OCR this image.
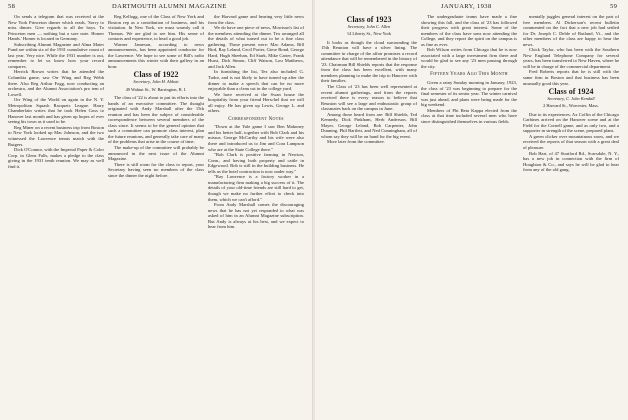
58	DARTMOUTH ALUMNI MAGAZINE

On sends a telegram that was received at the New York Princeton dinner which reads, 'Sorry to miss dinner. Give regards to all the boys. To Princeton men — nothing but a sore note. Homer Hands.' Homer is located in Germany.

Subscribing Alumni Magazine and Alma Mater Fund are within six of the 1931 cumulative count of last year. Very nice. While the 1931 number is out, remember to let us know how your record compares.

Herrick Brown writes that he attended the Columbia game, saw Orr Wing and Reg Webb there. Also Reg Arthur Fogg, now conducting an orchestra, and the Alumni Association's pro tem of Lowell.

Orr Wing of the World on again in the N. Y. Metropolitan Squash Racquets League. Harry Chamberlain writes that he took Helen Goss to Hanover last month and has given up hopes of ever seeing his town as it used to be.

Reg Miner on a recent business trip from Boston to New York looked up Mac Johnson, and the two witnessed the Lawrence tennis match with the Rutgers.

Dick O'Connor, with the Imperial Paper & Color Corp. in Glens Falls, makes a pledge to the class giving in the 1931 tenth reunion. We may as well find it.

Reg Kellogg, one of the Class of New York and Boston rep as a contribution of business, and his visitation. In New York, we must warmly call it Thomas. We are glad to see him. His sense of contacts and experience, to head a good job.

Warner Jameson, according to news announcements, has been appointed conductor for the Lawrence. We hope to see some of Bill's radio announcements this winter with their gallery in an hour.

Class of 1922
Secretary, John H. Abbott
49 Walnut St., W. Barrington, R. I.

The class of '22 is about to put its efforts into the hands of an executive committee. The thought originated with Andy Marshall after the 15th reunion and has been the subject of considerable correspondence between several members of the class since. It seems to be the general opinion that such a committee can promote class interest, plan the future reunions, and generally take care of many of the problems that arise in the course of time.

The make-up of the committee will probably be announced in the next issue of the Alumni Magazine.

There is still room for the class to report, your Secretary having seen no members of the class since the dinner the night before.

the Harvard game and hearing very little news from the class.

We do have one piece of news, Morrison's list of the members attending the dinner. Tex arranged all the details of what turned out to be a fine class gathering. Those present were: Mac Adams, Bill Bird, Ray Leland, Cecil Porter, Giese Bond, George Hard, Hugh Sheehan, Ed Stark, Mike Carter, Frank Hurst, Dick Simon, Cliff Watson, Lou Matthews, and Jack Allen.

In furnishing the list, Tex also included G. Tudor, and is not likely to have turned up after the dinner to make a speech that can be no more enjoyable than a clean cut in the college yard.

We have received at the Swan house the hospitality from your friend Herschel that we will all enjoy. He has given up Lewis, George L. and others.

Correspondent Notes

"Down at the Yale game I saw Ben Mahoney and his better half, together with Bob Clark and his missus. George McCarthy and his wife were also there and introduced us to Jim and Cora Lampson who are at the State College there."

"Bob Clark is positive farming in Newton, Conn., and having both property and cattle in Edgewood. Bob is still in the building business. He tells us the hotel contraction is now under way."

"Ray Lawrence is a factory worker in a manufacturing firm making a big success of it. The details of your old-time friends are still hard to get, though we make no further effort to check into them, which we can't afford."

From Andy Marshall comes the discouraging news that he has not yet responded to what was asked of him in an Alumni Magazine subscription. But Andy is always at his best, and we expect to hear from him.

JANUARY, 1938	59
Class of 1923
Secretary, John C. Allen
14 Liberty St., New York

It looks as though the cloud surrounding the 15th Reunion will have a silver lining. The committee in charge of the affair promises a record attendance that will be remembered in the history of '23. Chairman Bill Shields reports that the response from the class has been excellent, with many members planning to make the trip to Hanover with their families.

The Class of '23 has been well represented at recent alumni gatherings, and from the reports received there is every reason to believe that Reunion will see a large and enthusiastic group of classmates back on the campus in June.

Among those heard from are: Bill Shields, Ted Kennedy, Dick Pinkham, Herb Anderson, Bill Mayer, George Leland, Bob Carpenter, John Dunning, Phil Bartlett, and Ned Cunningham, all of whom say they will be on hand for the big event.

More later from the committee.

The undergraduate teams have made a fine showing this fall, and the class of '23 has followed their progress with great interest. Some of the members of the class have sons now attending the College, and they report the spirit on the campus is as fine as ever.

Bob Wilson writes from Chicago that he is now associated with a large investment firm there and would be glad to see any '23 men passing through the city.

Fifteen Years Ago This Month

Given a rainy Sunday morning in January, 1923, the class of '23 was beginning to prepare for the final semester of its senior year. The winter carnival was just ahead, and plans were being made for the big weekend.

Members of Phi Beta Kappa elected from the class at that time included several men who have since distinguished themselves in various fields.

mentally juggles general interest on the part of free members. Al Dickerson's recent bulletin commented on the fact that a new job had settled for Dr. Joseph C. Dehle of Rutland, Vt., and the other members of the class are happy to hear the news.

Chick Taylor, who has been with the Southern New England Telephone Company for several years, has been transferred to New Haven, where he will be in charge of the commercial department.

Fred Roberts reports that he is still with the same firm in Boston and that business has been unusually good this year.

Class of 1924
Secretary, C. John Kendall
2 Harvard St., Worcester, Mass.

Due to its experiences, Ax Coffin of the Chicago Carbines arrived on the Hanover scene and at the Field for the Cornell game, and as only two, and a supporter in strength of the scene, prepared plans.

A green clicker over mountainous snow, and we received the reports of that season with a great deal of pleasure.

Bob Hart, of 47 Stratford Rd., Scarsdale, N. Y., has a new job in connection with the firm of Houghton & Co., and says he will be glad to hear from any of the old gang.
